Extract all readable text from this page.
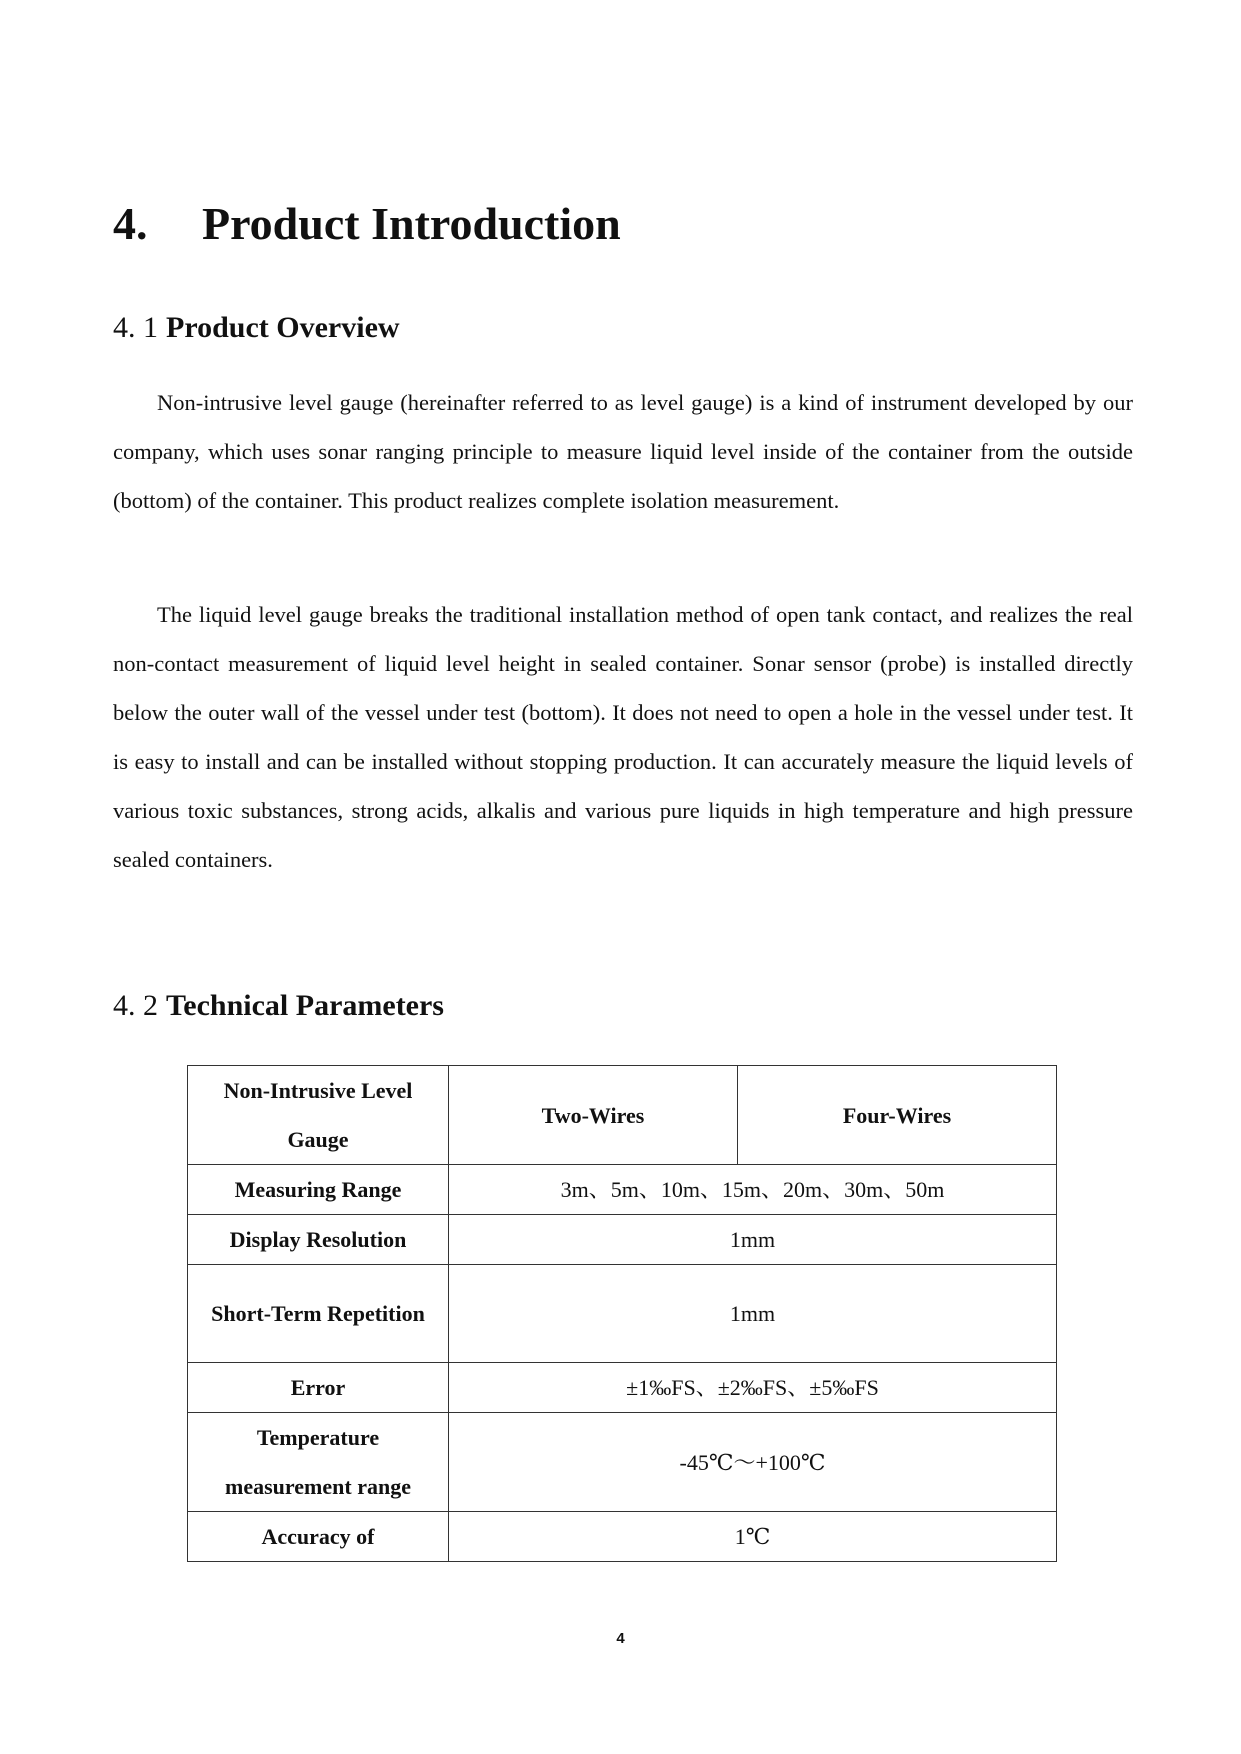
4. Product Introduction
4. 1 Product Overview

Non-intrusive level gauge (hereinafter referred to as level gauge) is a kind of instrument developed by our company, which uses sonar ranging principle to measure liquid level inside of the container from the outside (bottom) of the container. This product realizes complete isolation measurement.

The liquid level gauge breaks the traditional installation method of open tank contact, and realizes the real non-contact measurement of liquid level height in sealed container. Sonar sensor (probe) is installed directly below the outer wall of the vessel under test (bottom). It does not need to open a hole in the vessel under test. It is easy to install and can be installed without stopping production. It can accurately measure the liquid levels of various toxic substances, strong acids, alkalis and various pure liquids in high temperature and high pressure sealed containers.

4. 2 Technical Parameters
Non-Intrusive Level Gauge	Two-Wires	Four-Wires
Measuring Range	3m、5m、10m、15m、20m、30m、50m	
Display Resolution	1mm	
Short-Term Repetition	1mm	
Error	±1‰FS、±2‰FS、±5‰FS	
Temperature measurement range	-45℃～+100℃	
Accuracy of	1℃	
4
